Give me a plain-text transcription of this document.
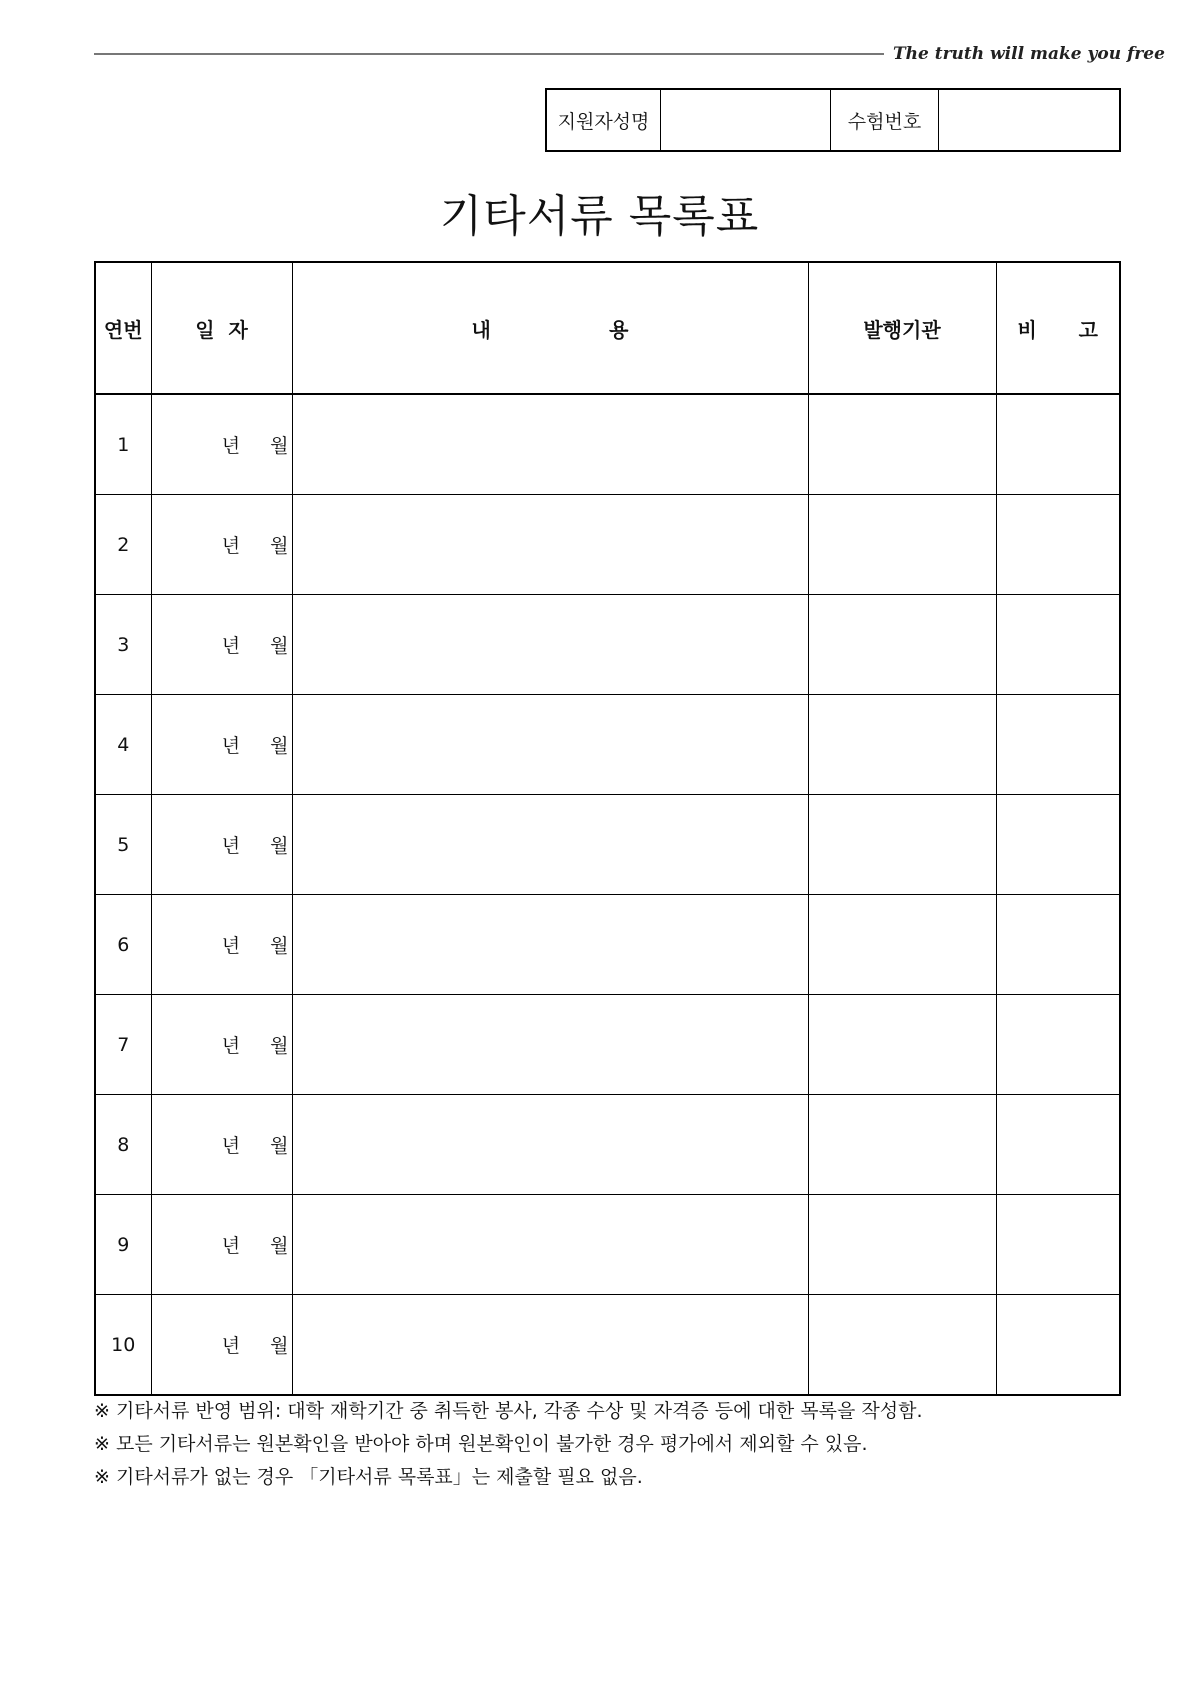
The truth will make you free
지원자성명	수험번호
기타서류 목록표
연번	일  자	내                 용	발행기관	비      고
1	년 월			
2	년 월			
3	년 월			
4	년 월			
5	년 월			
6	년 월			
7	년 월			
8	년 월			
9	년 월			
10	년 월			
※ 기타서류 반영 범위: 대학 재학기간 중 취득한 봉사, 각종 수상 및 자격증 등에 대한 목록을 작성함.
※ 모든 기타서류는 원본확인을 받아야 하며 원본확인이 불가한 경우 평가에서 제외할 수 있음.
※ 기타서류가 없는 경우 「기타서류 목록표」는 제출할 필요 없음.
